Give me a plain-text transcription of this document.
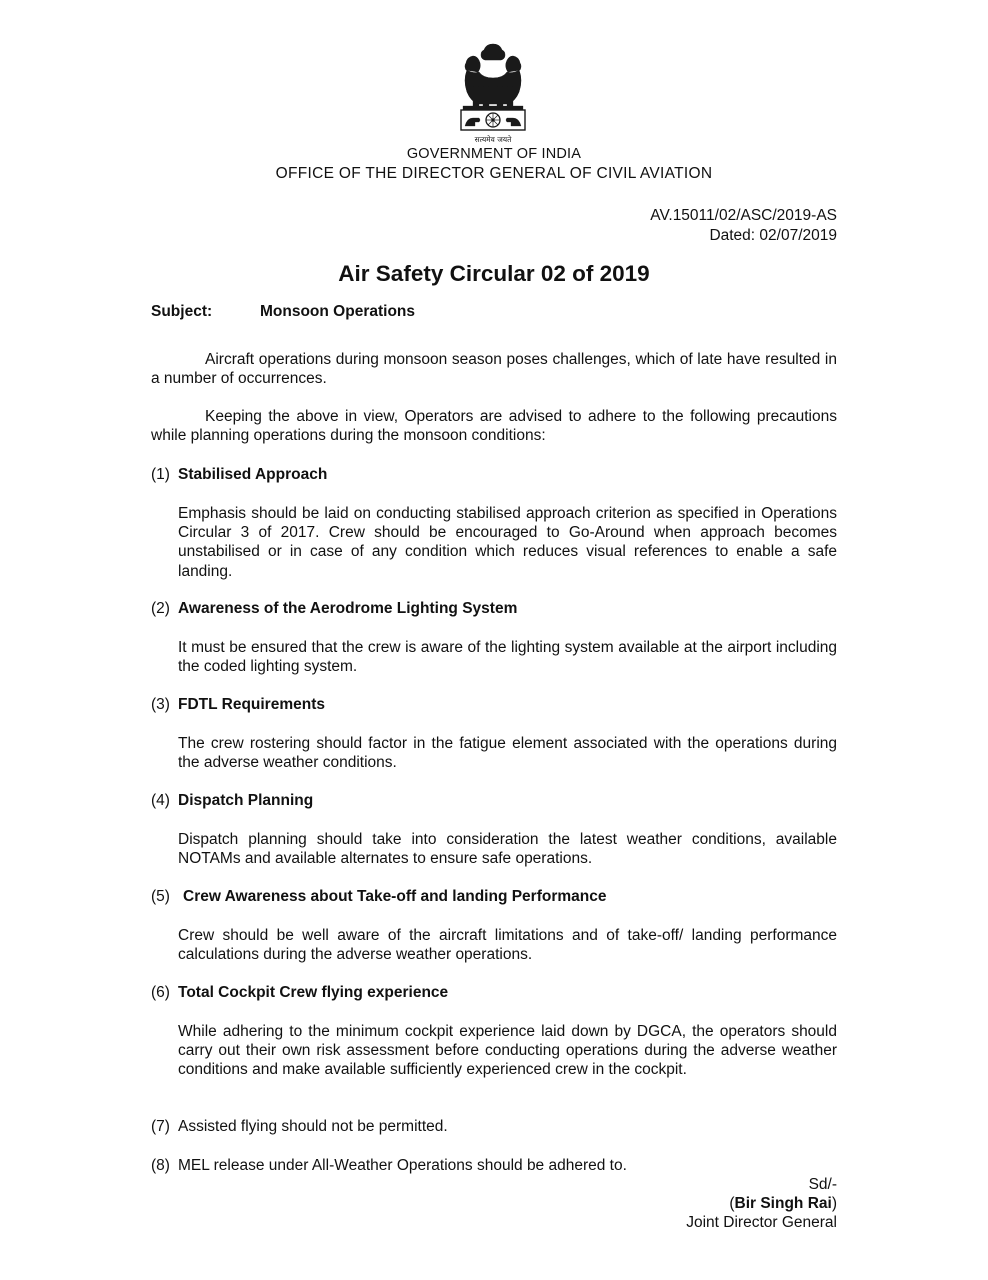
सत्यमेव जयते
GOVERNMENT OF INDIA
OFFICE OF THE DIRECTOR GENERAL OF CIVIL AVIATION
AV.15011/02/ASC/2019-AS
Dated: 02/07/2019
Air Safety Circular 02 of 2019
Subject:	Monsoon Operations
Aircraft operations during monsoon season poses challenges, which of late have resulted in a number of occurrences.
Keeping the above in view, Operators are advised to adhere to the following precautions while planning operations during the monsoon conditions:
(1) Stabilised Approach
Emphasis should be laid on conducting stabilised approach criterion as specified in Operations Circular 3 of 2017. Crew should be encouraged to Go-Around when approach becomes unstabilised or in case of any condition which reduces visual references to enable a safe landing.
(2) Awareness of the Aerodrome Lighting System
It must be ensured that the crew is aware of the lighting system available at the airport including the coded lighting system.
(3) FDTL Requirements
The crew rostering should factor in the fatigue element associated with the operations during the adverse weather conditions.
(4) Dispatch Planning
Dispatch planning should take into consideration the latest weather conditions, available NOTAMs and available alternates to ensure safe operations.
(5) Crew Awareness about Take-off and landing Performance
Crew should be well aware of the aircraft limitations and of take-off/ landing performance calculations during the adverse weather operations.
(6) Total Cockpit Crew flying experience
While adhering to the minimum cockpit experience laid down by DGCA, the operators should carry out their own risk assessment before conducting operations during the adverse weather conditions and make available sufficiently experienced crew in the cockpit.
(7) Assisted flying should not be permitted.
(8) MEL release under All-Weather Operations should be adhered to.
Sd/-
(Bir Singh Rai)
Joint Director General
